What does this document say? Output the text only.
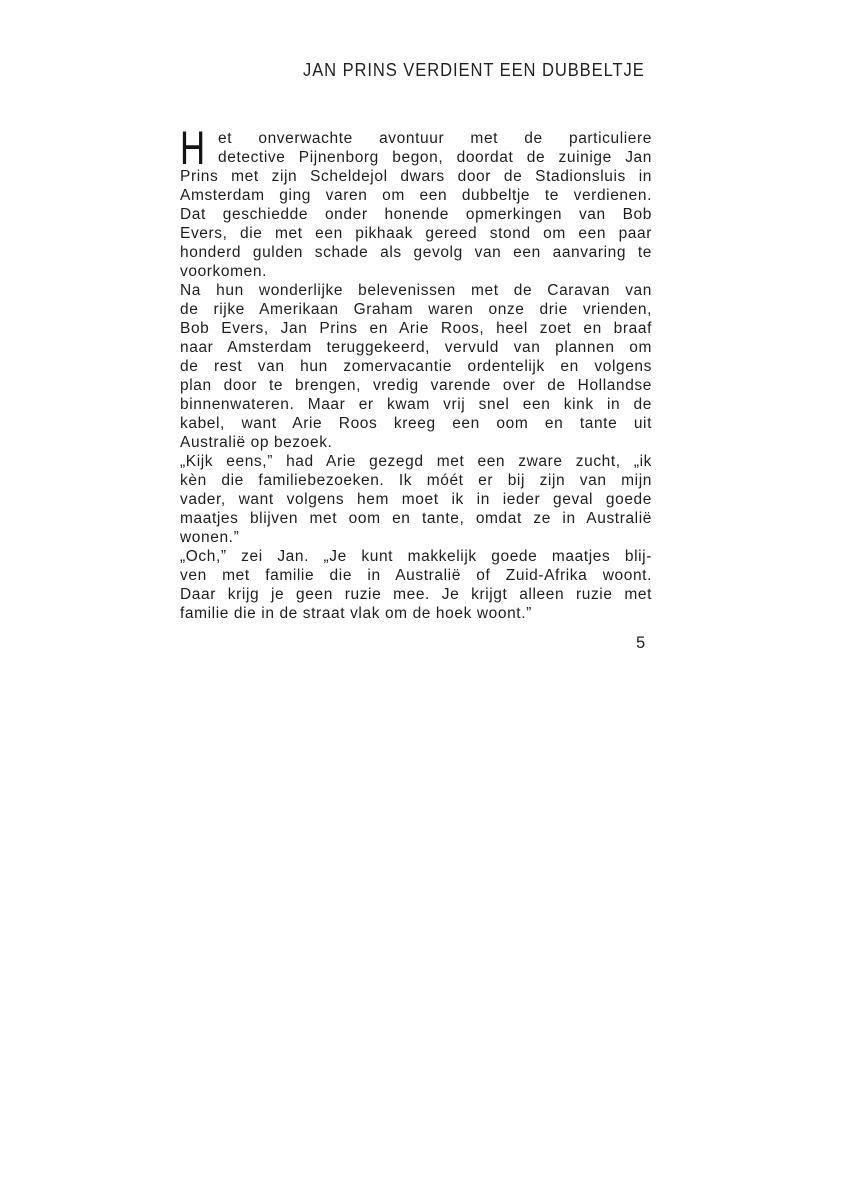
JAN PRINS VERDIENT EEN DUBBELTJE
H et onverwachte avontuur met de particuliere
detective Pijnenborg begon, doordat de zuinige Jan
Prins met zijn Scheldejol dwars door de Stadionsluis in
Amsterdam ging varen om een dubbeltje te verdienen.
Dat geschiedde onder honende opmerkingen van Bob
Evers, die met een pikhaak gereed stond om een paar
honderd gulden schade als gevolg van een aanvaring te
voorkomen.
Na hun wonderlijke belevenissen met de Caravan van
de rijke Amerikaan Graham waren onze drie vrienden,
Bob Evers, Jan Prins en Arie Roos, heel zoet en braaf
naar Amsterdam teruggekeerd, vervuld van plannen om
de rest van hun zomervacantie ordentelijk en volgens
plan door te brengen, vredig varende over de Hollandse
binnenwateren. Maar er kwam vrij snel een kink in de
kabel, want Arie Roos kreeg een oom en tante uit
Australië op bezoek.
„Kijk eens,” had Arie gezegd met een zware zucht, „ik
kèn die familiebezoeken. Ik móét er bij zijn van mijn
vader, want volgens hem moet ik in ieder geval goede
maatjes blijven met oom en tante, omdat ze in Australië
wonen.”
„Och,” zei Jan. „Je kunt makkelijk goede maatjes blij-
ven met familie die in Australië of Zuid-Afrika woont.
Daar krijg je geen ruzie mee. Je krijgt alleen ruzie met
familie die in de straat vlak om de hoek woont.”
5
